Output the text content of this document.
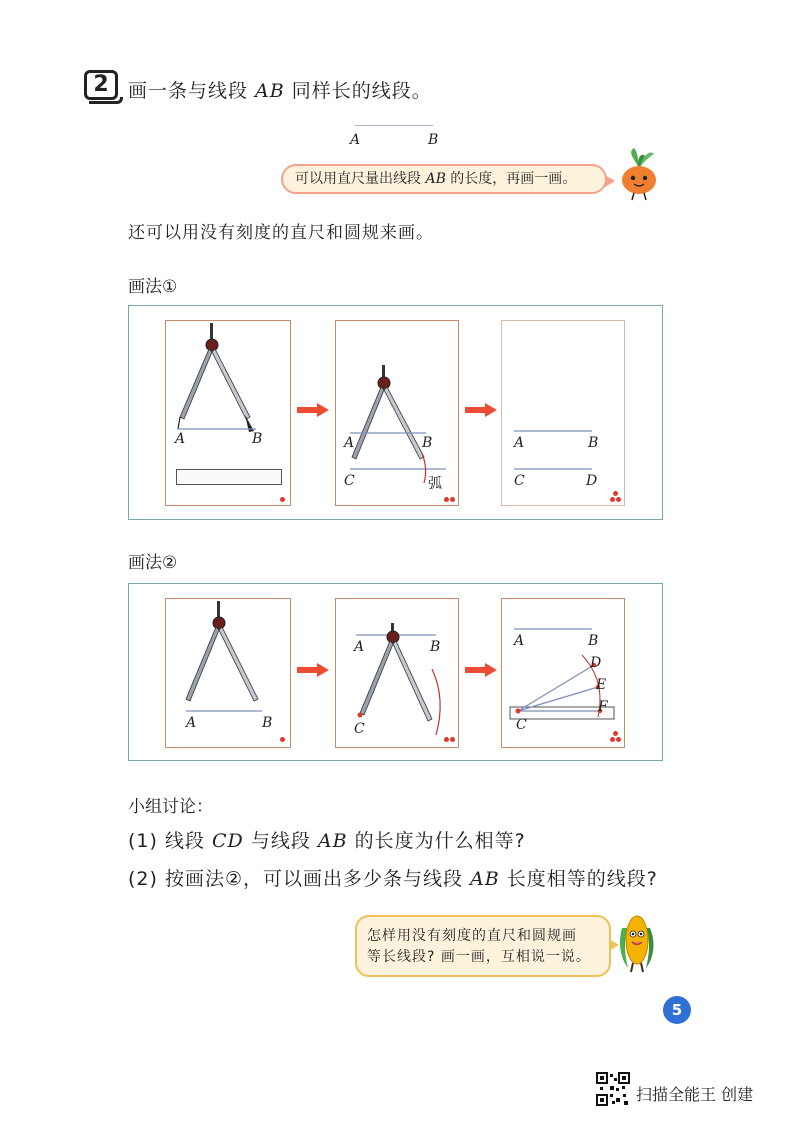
2	画一条与线段 AB 同样长的线段。
A	B
可以用直尺量出线段 AB 的长度，再画一画。
还可以用没有刻度的直尺和圆规来画。
画法①
A	B	A	B
C	弧
A	B
C	D
画法②
A	B
A	B
C
A	B
C
D
E
F
小组讨论：
(1) 线段 CD 与线段 AB 的长度为什么相等?
(2) 按画法②，可以画出多少条与线段 AB 长度相等的线段?
怎样用没有刻度的直尺和圆规画
等长线段? 画一画，互相说一说。
5
扫描全能王 创建
